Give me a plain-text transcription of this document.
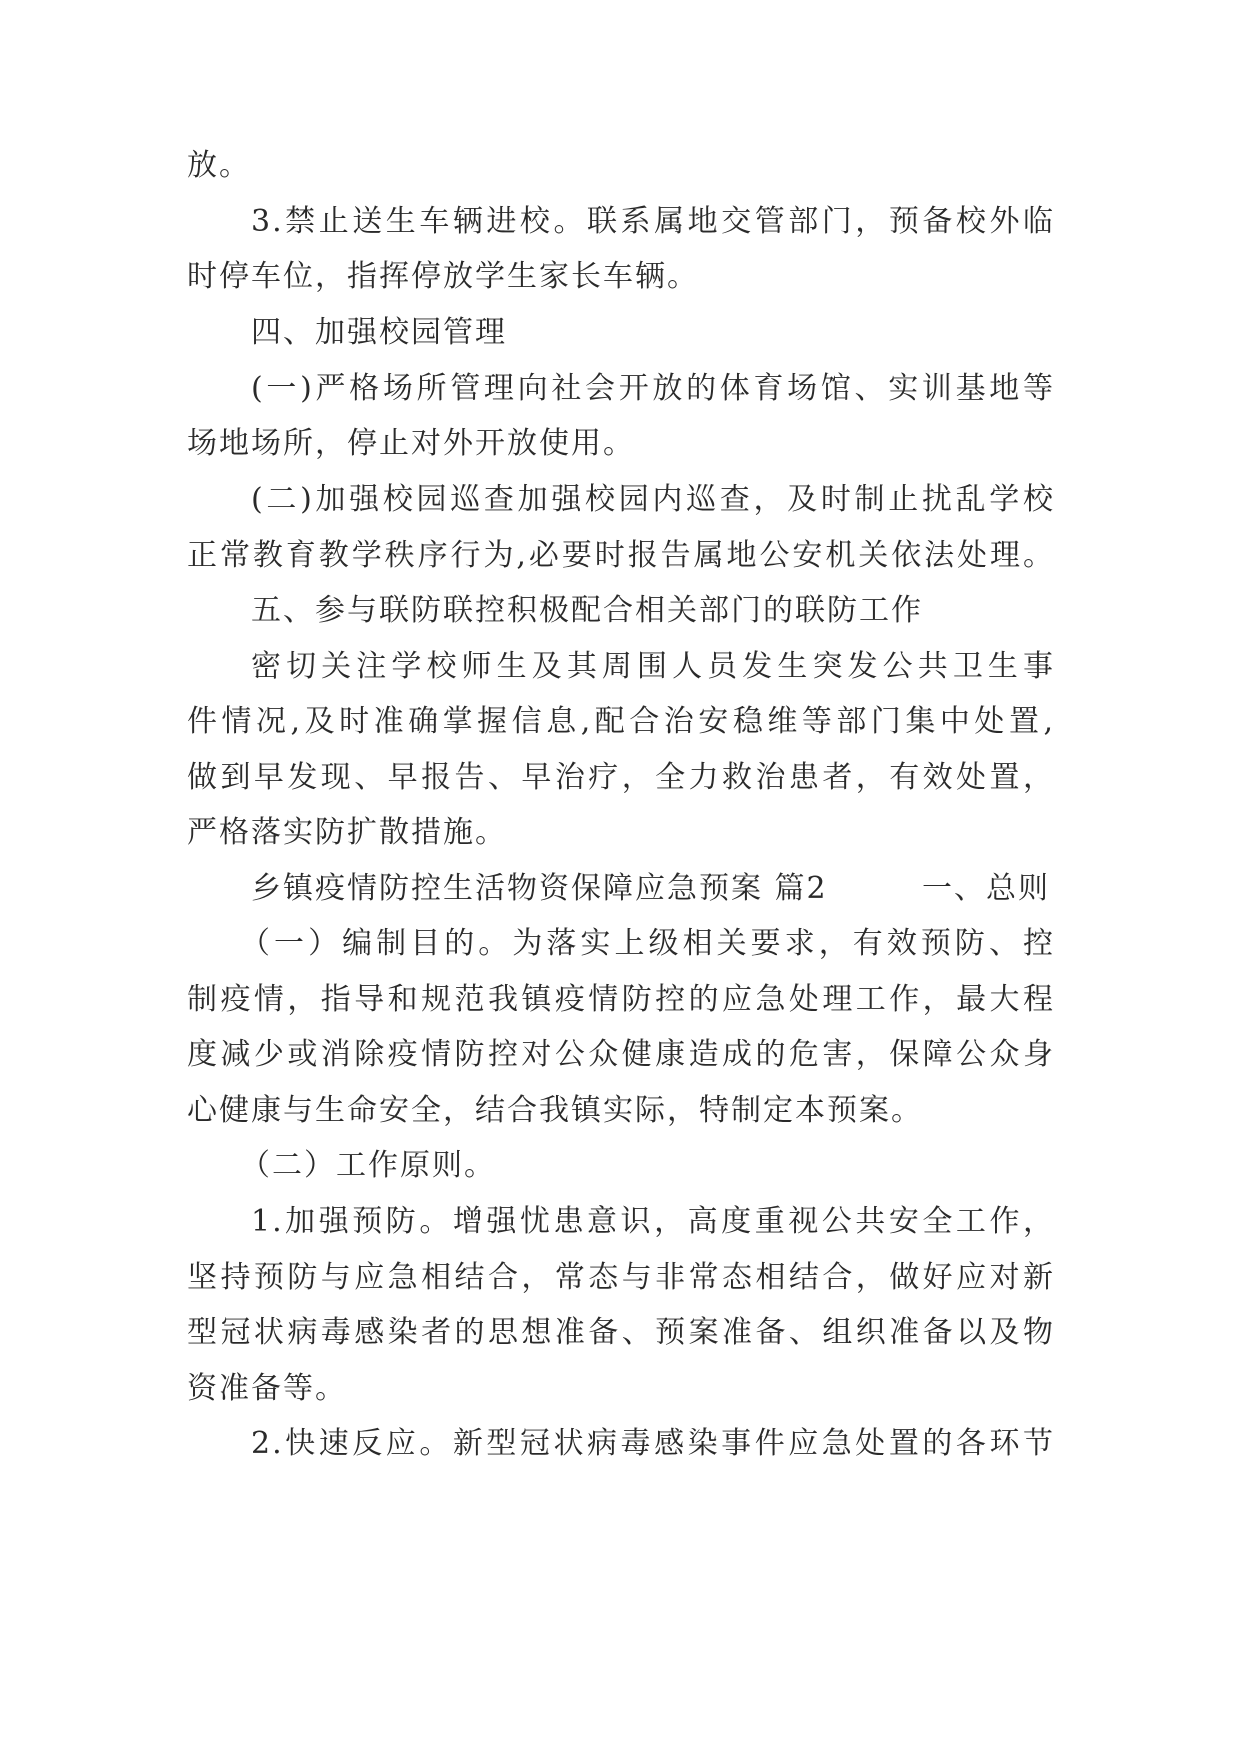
放。
3.禁止送生车辆进校。联系属地交管部门，预备校外临
时停车位，指挥停放学生家长车辆。
四、加强校园管理
(一)严格场所管理向社会开放的体育场馆、实训基地等
场地场所，停止对外开放使用。
(二)加强校园巡查加强校园内巡查，及时制止扰乱学校
正常教育教学秩序行为,必要时报告属地公安机关依法处理。
五、参与联防联控积极配合相关部门的联防工作
密切关注学校师生及其周围人员发生突发公共卫生事
件情况,及时准确掌握信息,配合治安稳维等部门集中处置,
做到早发现、早报告、早治疗，全力救治患者，有效处置，
严格落实防扩散措施。
乡镇疫情防控生活物资保障应急预案 篇2	一、总则
（一）编制目的。为落实上级相关要求，有效预防、控
制疫情，指导和规范我镇疫情防控的应急处理工作，最大程
度减少或消除疫情防控对公众健康造成的危害，保障公众身
心健康与生命安全，结合我镇实际，特制定本预案。
（二）工作原则。
1.加强预防。增强忧患意识，高度重视公共安全工作，
坚持预防与应急相结合，常态与非常态相结合，做好应对新
型冠状病毒感染者的思想准备、预案准备、组织准备以及物
资准备等。
2.快速反应。新型冠状病毒感染事件应急处置的各环节
